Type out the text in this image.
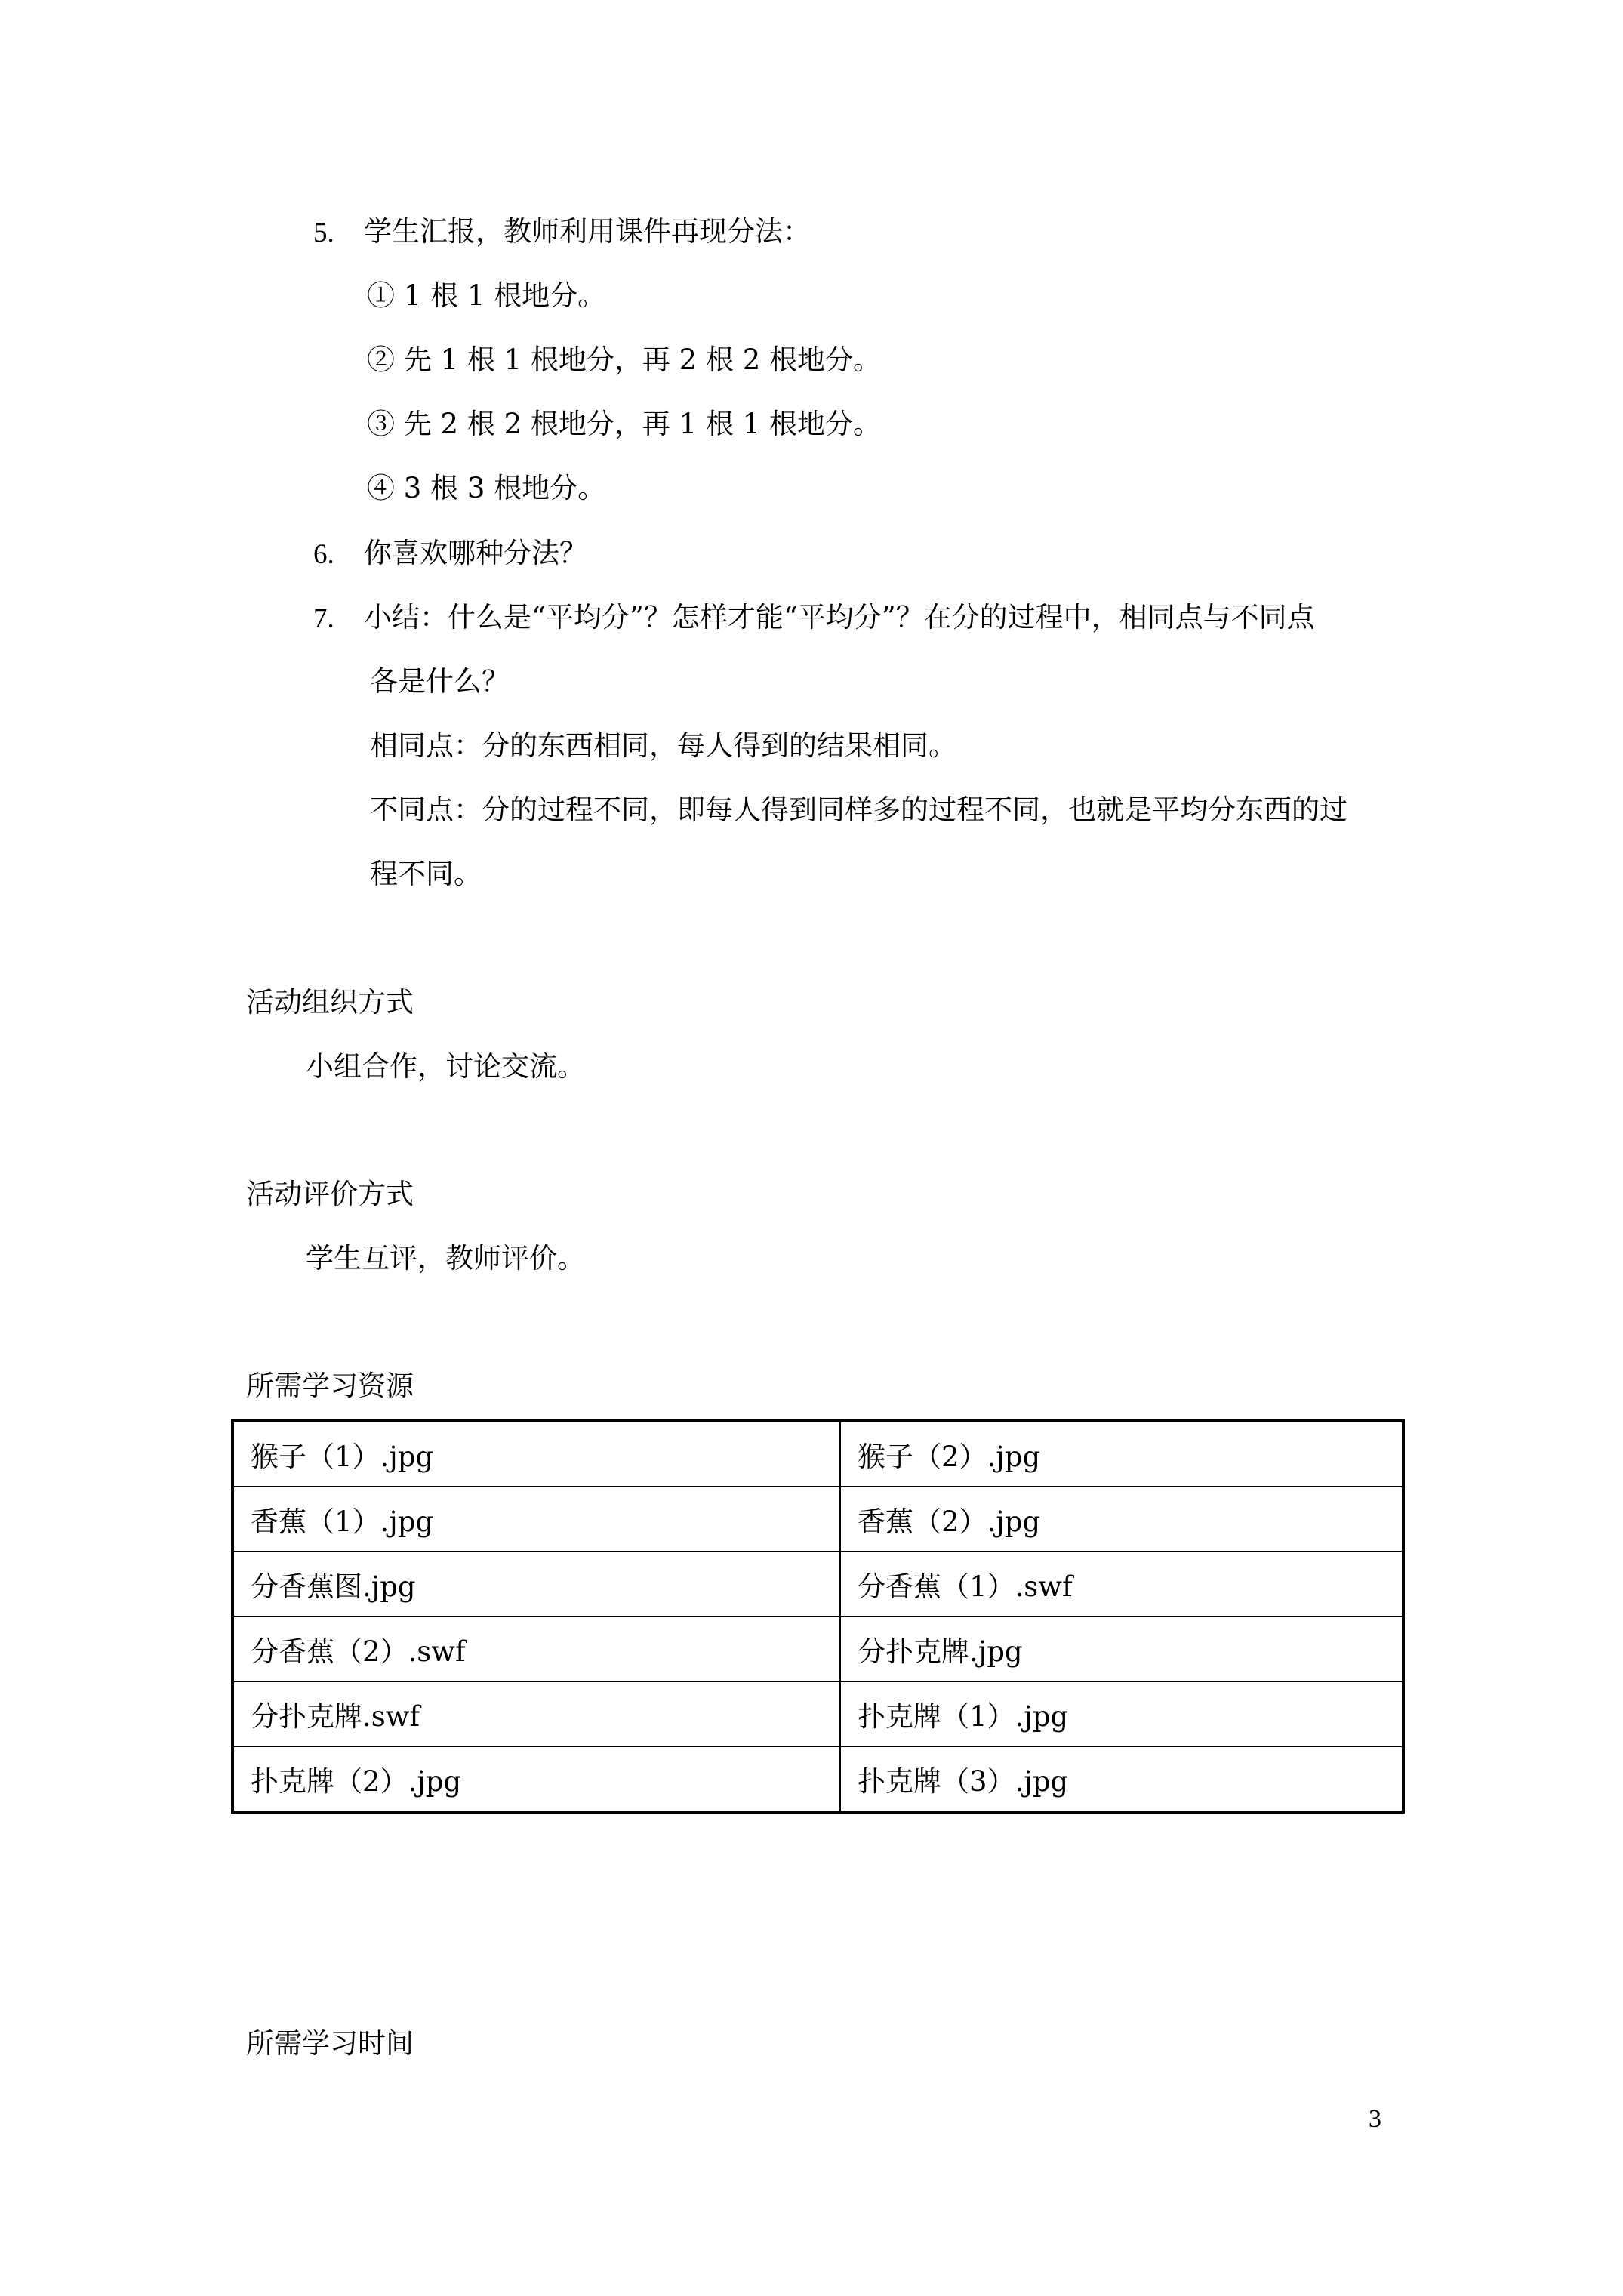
5. 学生汇报，教师利用课件再现分法：
① 1 根 1 根地分。
② 先 1 根 1 根地分，再 2 根 2 根地分。
③ 先 2 根 2 根地分，再 1 根 1 根地分。
④ 3 根 3 根地分。
6. 你喜欢哪种分法？
7. 小结：什么是“平均分”？怎样才能“平均分”？在分的过程中，相同点与不同点
各是什么？
相同点：分的东西相同，每人得到的结果相同。
不同点：分的过程不同，即每人得到同样多的过程不同，也就是平均分东西的过
程不同。
活动组织方式
小组合作，讨论交流。
活动评价方式
学生互评，教师评价。
所需学习资源
猴子（1）.jpg	猴子（2）.jpg
香蕉（1）.jpg	香蕉（2）.jpg
分香蕉图.jpg	分香蕉（1）.swf
分香蕉（2）.swf	分扑克牌.jpg
分扑克牌.swf	扑克牌（1）.jpg
扑克牌（2）.jpg	扑克牌（3）.jpg
所需学习时间
3
